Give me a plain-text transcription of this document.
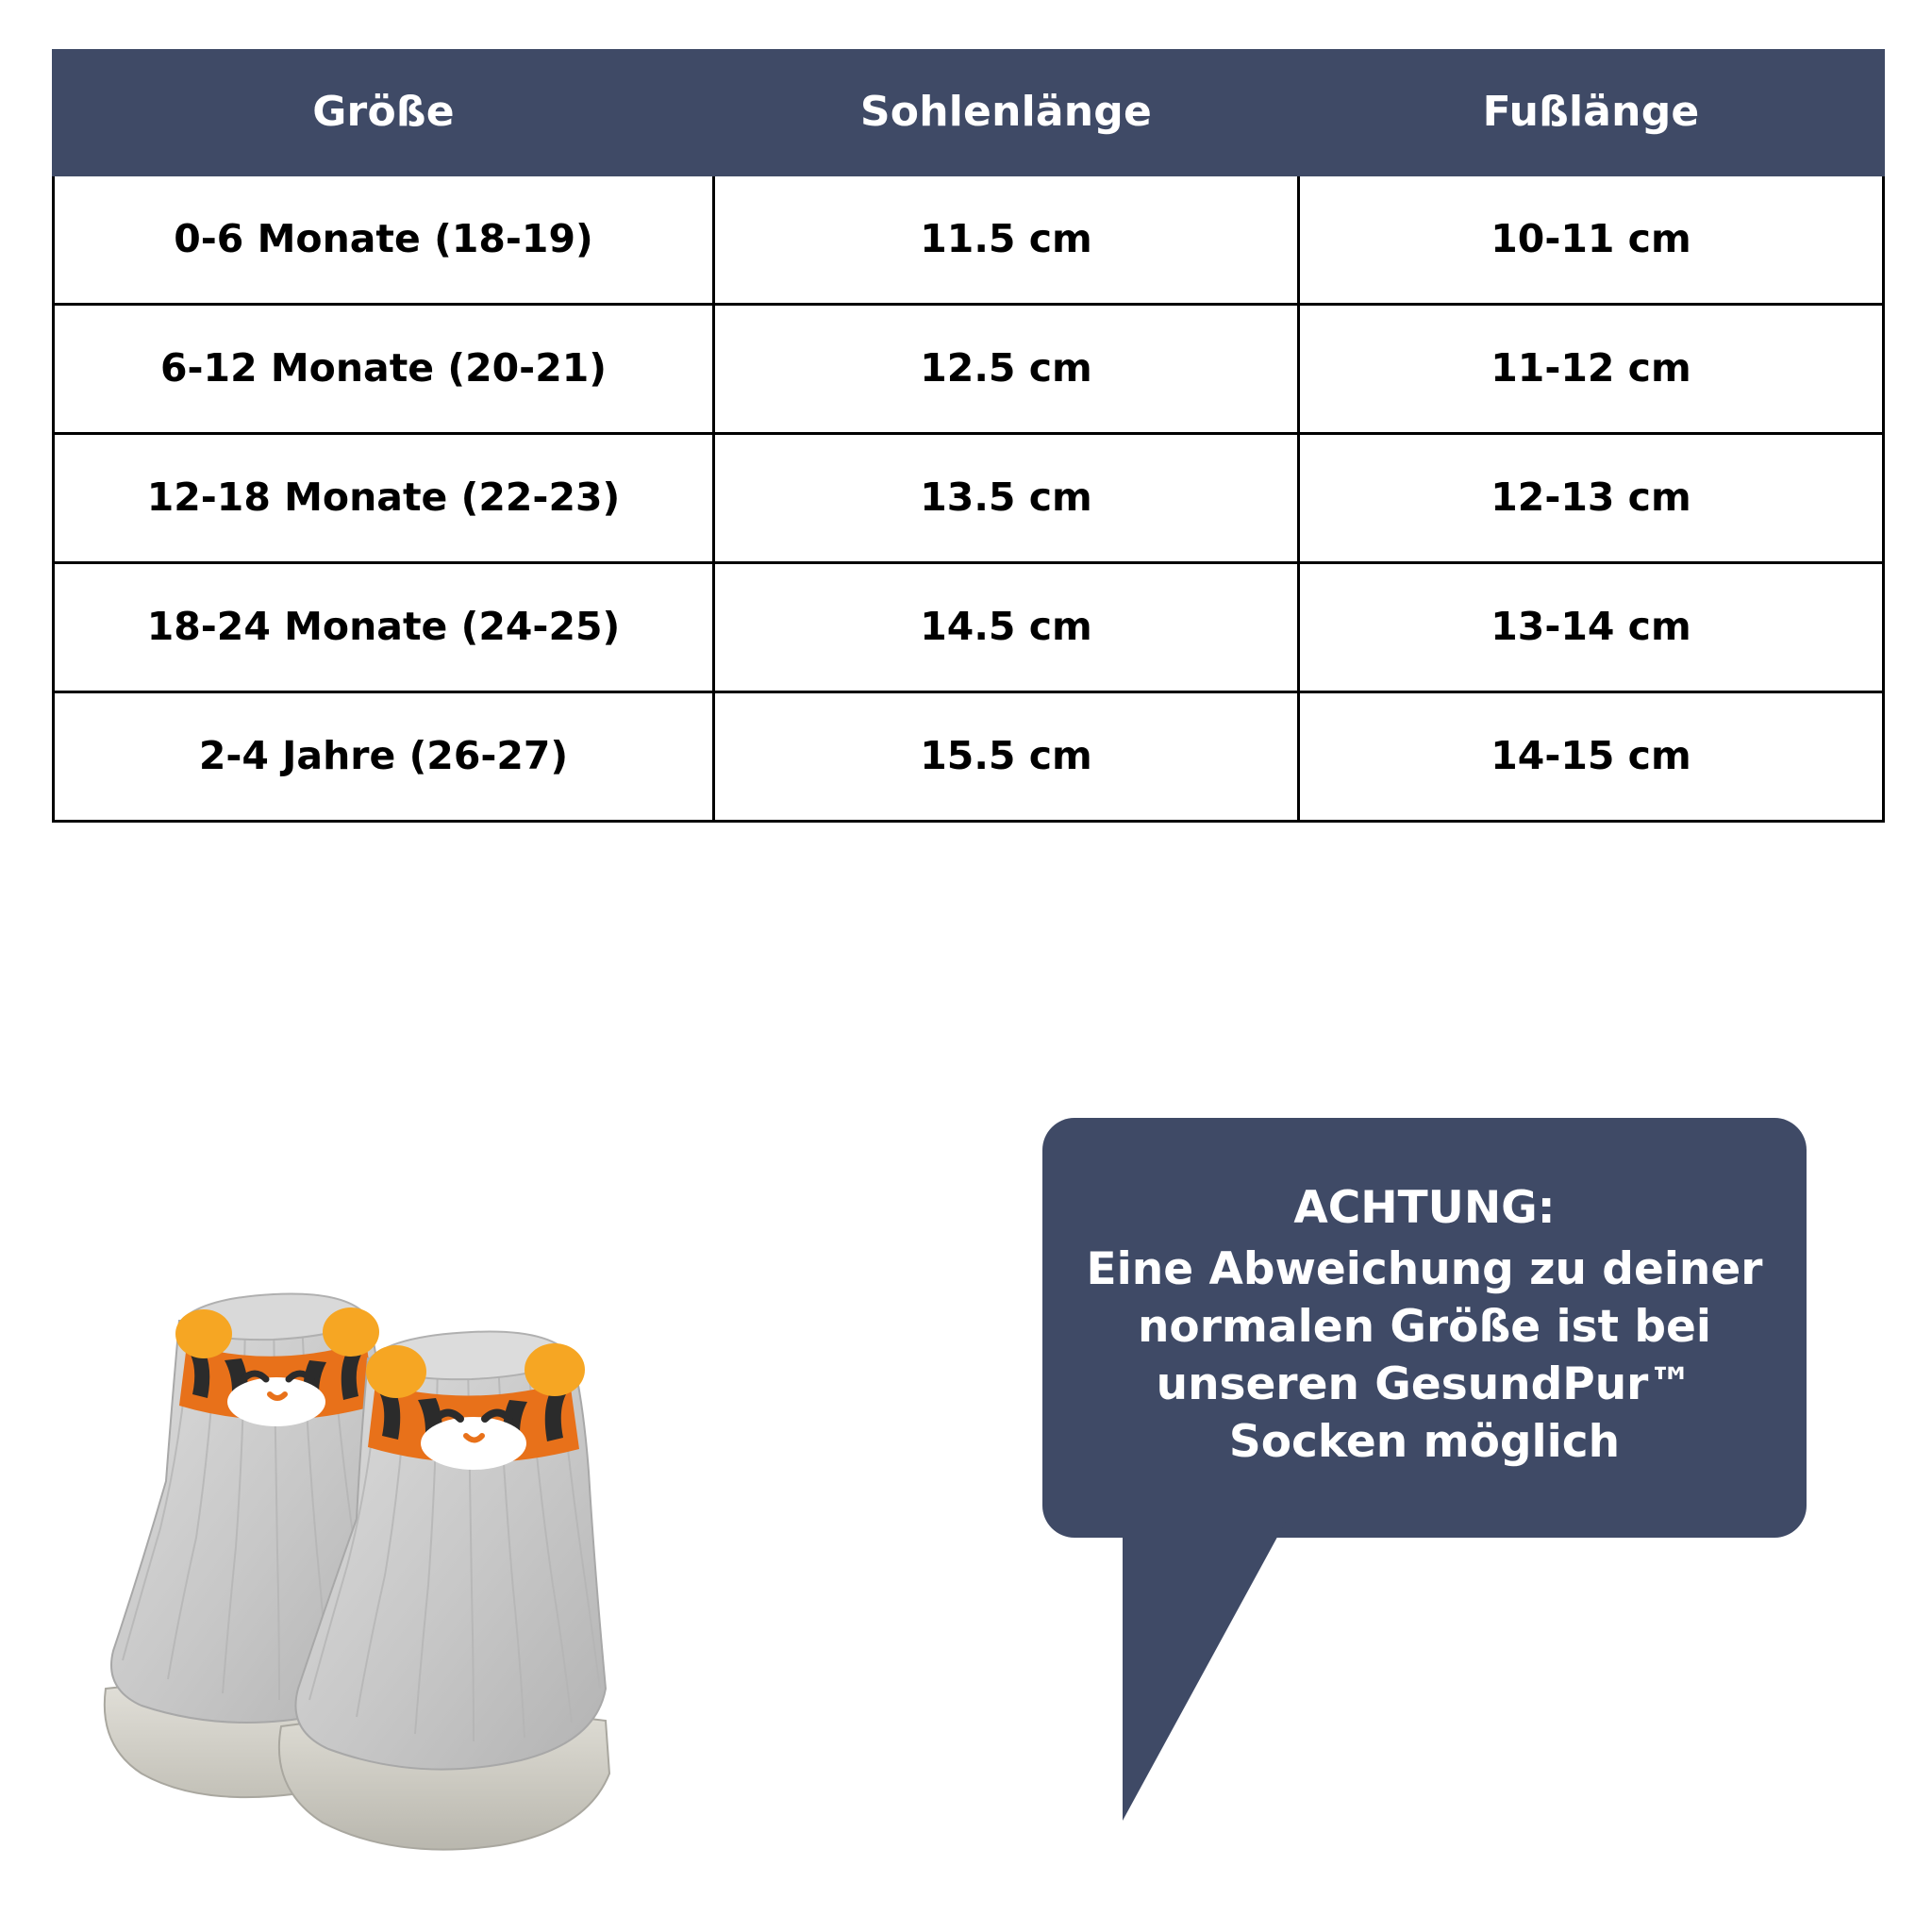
Größe	Sohlenlänge	Fußlänge
0-6 Monate (18-19)	11.5 cm	10-11 cm
6-12 Monate (20-21)	12.5 cm	11-12 cm
12-18 Monate (22-23)	13.5 cm	12-13 cm
18-24 Monate (24-25)	14.5 cm	13-14 cm
2-4 Jahre (26-27)	15.5 cm	14-15 cm
ACHTUNG:
Eine Abweichung zu deiner normalen Größe ist bei unseren GesundPur™ Socken möglich
